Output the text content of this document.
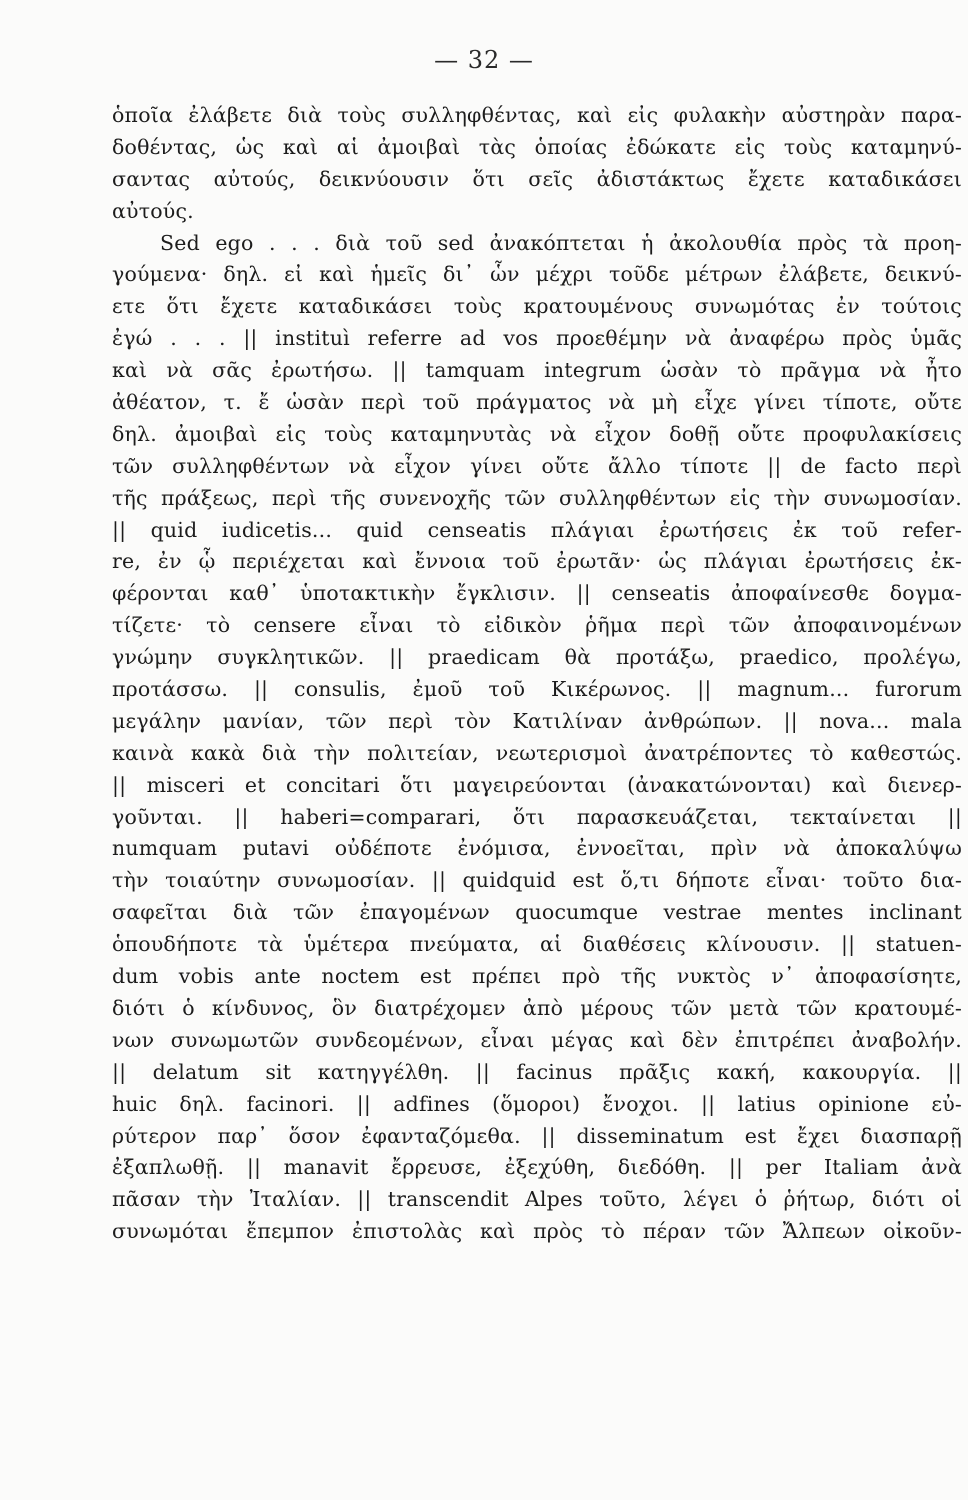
— 32 —
ὁποῖα ἐλάβετε διὰ τοὺς συλληφθέντας, καὶ εἰς φυλακὴν αὐστηρὰν παρα-
δοθέντας, ὡς καὶ αἱ ἀμοιβαὶ τὰς ὁποίας ἐδώκατε εἰς τοὺς καταμηνύ-
σαντας αὐτούς, δεικνύουσιν ὅτι σεῖς ἀδιστάκτως ἔχετε καταδικάσει
αὐτούς.
Sed ego . . . διὰ τοῦ sed ἀνακόπτεται ἡ ἀκολουθία πρὸς τὰ προη-
γούμενα· δηλ. εἰ καὶ ἡμεῖς δι᾽ ὧν μέχρι τοῦδε μέτρων ἐλάβετε, δεικνύ-
ετε ὅτι ἔχετε καταδικάσει τοὺς κρατουμένους συνωμότας ἐν τούτοις
ἐγώ . . . || instituì referre ad vos προεθέμην νὰ ἀναφέρω πρὸς ὑμᾶς
καὶ νὰ σᾶς ἐρωτήσω. || tamquam integrum ὡσὰν τὸ πρᾶγμα νὰ ἦτο
ἀθέατον, τ. ἔ ὡσὰν περὶ τοῦ πράγματος νὰ μὴ εἶχε γίνει τίποτε, οὔτε
δηλ. ἀμοιβαὶ εἰς τοὺς καταμηνυτὰς νὰ εἶχον δοθῇ οὔτε προφυλακίσεις
τῶν συλληφθέντων νὰ εἶχον γίνει οὔτε ἄλλο τίποτε || de facto περὶ
τῆς πράξεως, περὶ τῆς συνενοχῆς τῶν συλληφθέντων εἰς τὴν συνωμοσίαν.
|| quid iudicetis... quid censeatis πλάγιαι ἐρωτήσεις ἐκ τοῦ refer-
re, ἐν ᾧ περιέχεται καὶ ἔννοια τοῦ ἐρωτᾶν· ὡς πλάγιαι ἐρωτήσεις ἐκ-
φέρονται καθ᾽ ὑποτακτικὴν ἔγκλισιν. || censeatis ἀποφαίνεσθε δογμα-
τίζετε· τὸ censere εἶναι τὸ εἰδικὸν ῥῆμα περὶ τῶν ἀποφαινομένων
γνώμην συγκλητικῶν. || praedicam θὰ προτάξω, praedico, προλέγω,
προτάσσω. || consulis, ἐμοῦ τοῦ Κικέρωνος. || magnum... furorum
μεγάλην μανίαν, τῶν περὶ τὸν Κατιλίναν ἀνθρώπων. || nova... mala
καινὰ κακὰ διὰ τὴν πολιτείαν, νεωτερισμοὶ ἀνατρέποντες τὸ καθεστώς.
|| misceri et concitari ὅτι μαγειρεύονται (ἀνακατώνονται) καὶ διενερ-
γοῦνται. || haberi=comparari, ὅτι παρασκευάζεται, τεκταίνεται ||
numquam putavi οὐδέποτε ἐνόμισα, ἐννοεῖται, πρὶν νὰ ἀποκαλύψω
τὴν τοιαύτην συνωμοσίαν. || quidquid est ὅ,τι δήποτε εἶναι· τοῦτο δια-
σαφεῖται διὰ τῶν ἐπαγομένων quocumque vestrae mentes inclinant
ὁπουδήποτε τὰ ὑμέτερα πνεύματα, αἱ διαθέσεις κλίνουσιν. || statuen-
dum vobis ante noctem est πρέπει πρὸ τῆς νυκτὸς ν᾽ ἀποφασίσητε,
διότι ὁ κίνδυνος, ὃν διατρέχομεν ἀπὸ μέρους τῶν μετὰ τῶν κρατουμέ-
νων συνωμωτῶν συνδεομένων, εἶναι μέγας καὶ δὲν ἐπιτρέπει ἀναβολήν.
|| delatum sit κατηγγέλθη. || facinus πρᾶξις κακή, κακουργία. ||
huic δηλ. facinori. || adfines (ὅμοροι) ἔνοχοι. || latius opinione εὐ-
ρύτερον παρ᾽ ὅσον ἐφανταζόμεθα. || disseminatum est ἔχει διασπαρῇ
ἐξαπλωθῇ. || manavit ἔρρευσε, ἐξεχύθη, διεδόθη. || per Italiam ἀνὰ
πᾶσαν τὴν Ἰταλίαν. || transcendit Alpes τοῦτο, λέγει ὁ ῥήτωρ, διότι οἱ
συνωμόται ἔπεμπον ἐπιστολὰς καὶ πρὸς τὸ πέραν τῶν Ἄλπεων οἰκοῦν-
